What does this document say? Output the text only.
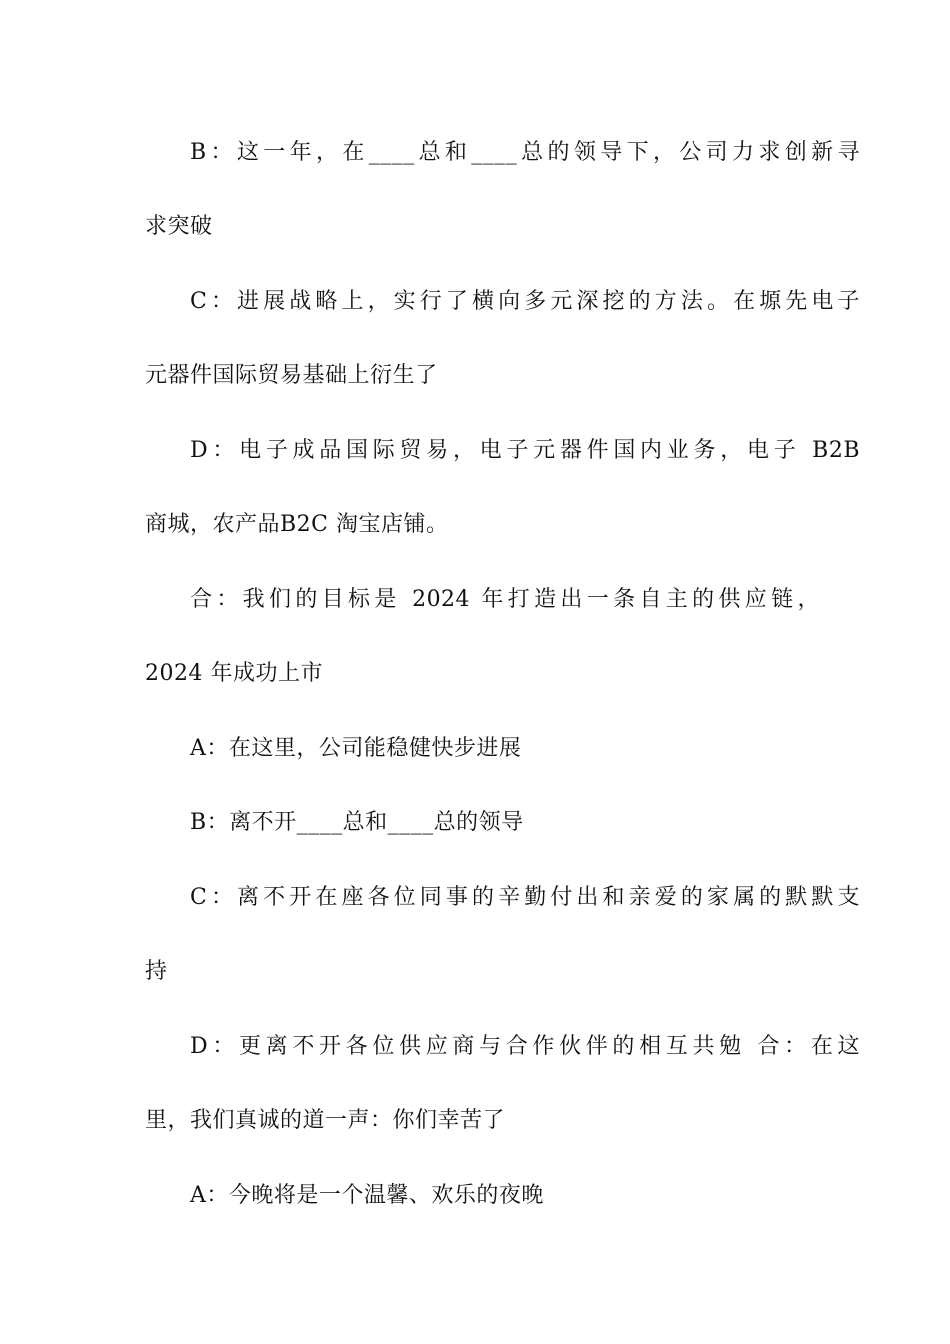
B：这一年，在____总和____总的领导下，公司力求创新寻
求突破
C：进展战略上，实行了横向多元深挖的方法。在塬先电子
元器件国际贸易基础上衍生了
D：电子成品国际贸易，电子元器件国内业务，电子 B2B
商城，农产品B2C 淘宝店铺。
合：我们的目标是 2024 年打造出一条自主的供应链，
2024 年成功上市
A：在这里，公司能稳健快步进展
B：离不开____总和____总的领导
C：离不开在座各位同事的辛勤付出和亲爱的家属的默默支
持
D：更离不开各位供应商与合作伙伴的相互共勉 合：在这
里，我们真诚的道一声：你们幸苦了
A：今晚将是一个温馨、欢乐的夜晚
